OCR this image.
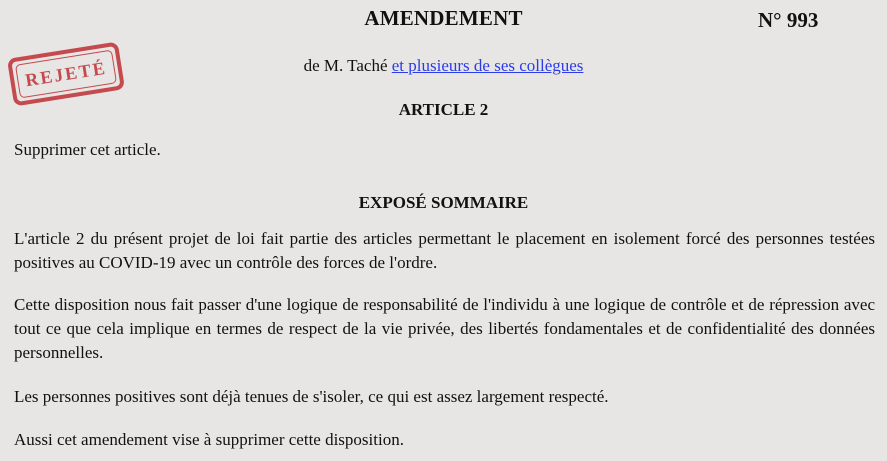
AMENDEMENT	N° 993
REJETÉ	de M. Taché et plusieurs de ses collègues
ARTICLE 2
Supprimer cet article.
EXPOSÉ SOMMAIRE

L'article 2 du présent projet de loi fait partie des articles permettant le placement en isolement forcé des personnes testées positives au COVID-19 avec un contrôle des forces de l'ordre.

Cette disposition nous fait passer d'une logique de responsabilité de l'individu à une logique de contrôle et de répression avec tout ce que cela implique en termes de respect de la vie privée, des libertés fondamentales et de confidentialité des données personnelles.

Les personnes positives sont déjà tenues de s'isoler, ce qui est assez largement respecté.

Aussi cet amendement vise à supprimer cette disposition.
